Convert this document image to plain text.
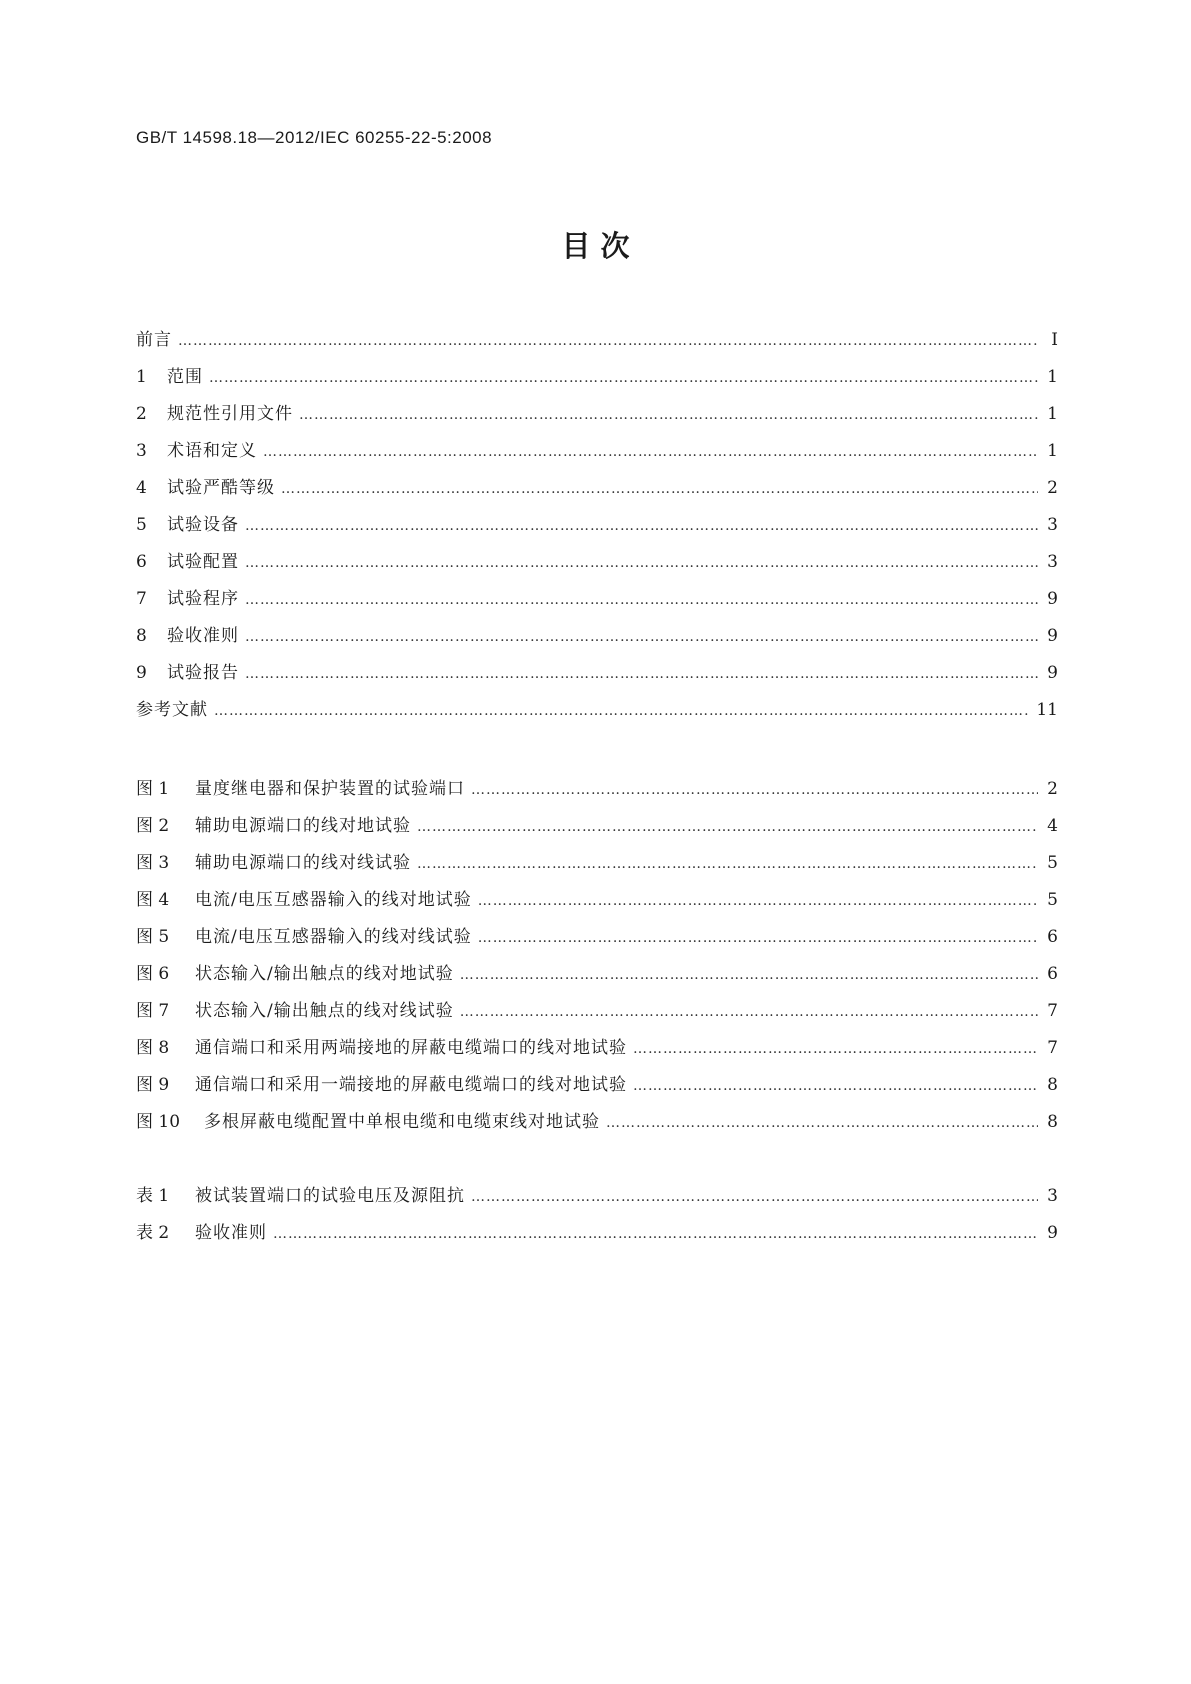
GB/T 14598.18—2012/IEC 60255-22-5:2008
目 次
前言 …………………………………………………………………………………………………………………………………………………………………………………………………………………………………………………………	Ⅰ
1	范围 …………………………………………………………………………………………………………………………………………………………………………………………………………………………………………………………	1
2	规范性引用文件 …………………………………………………………………………………………………………………………………………………………………………………………………………………………………………………………	1
3	术语和定义 …………………………………………………………………………………………………………………………………………………………………………………………………………………………………………………………	1
4	试验严酷等级 …………………………………………………………………………………………………………………………………………………………………………………………………………………………………………………………	2
5	试验设备 …………………………………………………………………………………………………………………………………………………………………………………………………………………………………………………………	3
6	试验配置 …………………………………………………………………………………………………………………………………………………………………………………………………………………………………………………………	3
7	试验程序 …………………………………………………………………………………………………………………………………………………………………………………………………………………………………………………………	9
8	验收准则 …………………………………………………………………………………………………………………………………………………………………………………………………………………………………………………………	9
9	试验报告 …………………………………………………………………………………………………………………………………………………………………………………………………………………………………………………………	9
参考文献 …………………………………………………………………………………………………………………………………………………………………………………………………………………………………………………………	11
图 1	量度继电器和保护装置的试验端口 …………………………………………………………………………………………………………………………………………………………………………………………………………………………………………………………	2
图 2	辅助电源端口的线对地试验 …………………………………………………………………………………………………………………………………………………………………………………………………………………………………………………………	4
图 3	辅助电源端口的线对线试验 …………………………………………………………………………………………………………………………………………………………………………………………………………………………………………………………	5
图 4	电流/电压互感器输入的线对地试验 …………………………………………………………………………………………………………………………………………………………………………………………………………………………………………………………	5
图 5	电流/电压互感器输入的线对线试验 …………………………………………………………………………………………………………………………………………………………………………………………………………………………………………………………	6
图 6	状态输入/输出触点的线对地试验 …………………………………………………………………………………………………………………………………………………………………………………………………………………………………………………………	6
图 7	状态输入/输出触点的线对线试验 …………………………………………………………………………………………………………………………………………………………………………………………………………………………………………………………	7
图 8	通信端口和采用两端接地的屏蔽电缆端口的线对地试验 …………………………………………………………………………………………………………………………………………………………………………………………………………………………………………………………	7
图 9	通信端口和采用一端接地的屏蔽电缆端口的线对地试验 …………………………………………………………………………………………………………………………………………………………………………………………………………………………………………………………	8
图 10	多根屏蔽电缆配置中单根电缆和电缆束线对地试验 …………………………………………………………………………………………………………………………………………………………………………………………………………………………………………………………	8
表 1	被试装置端口的试验电压及源阻抗 …………………………………………………………………………………………………………………………………………………………………………………………………………………………………………………………	3
表 2	验收准则 …………………………………………………………………………………………………………………………………………………………………………………………………………………………………………………………	9
